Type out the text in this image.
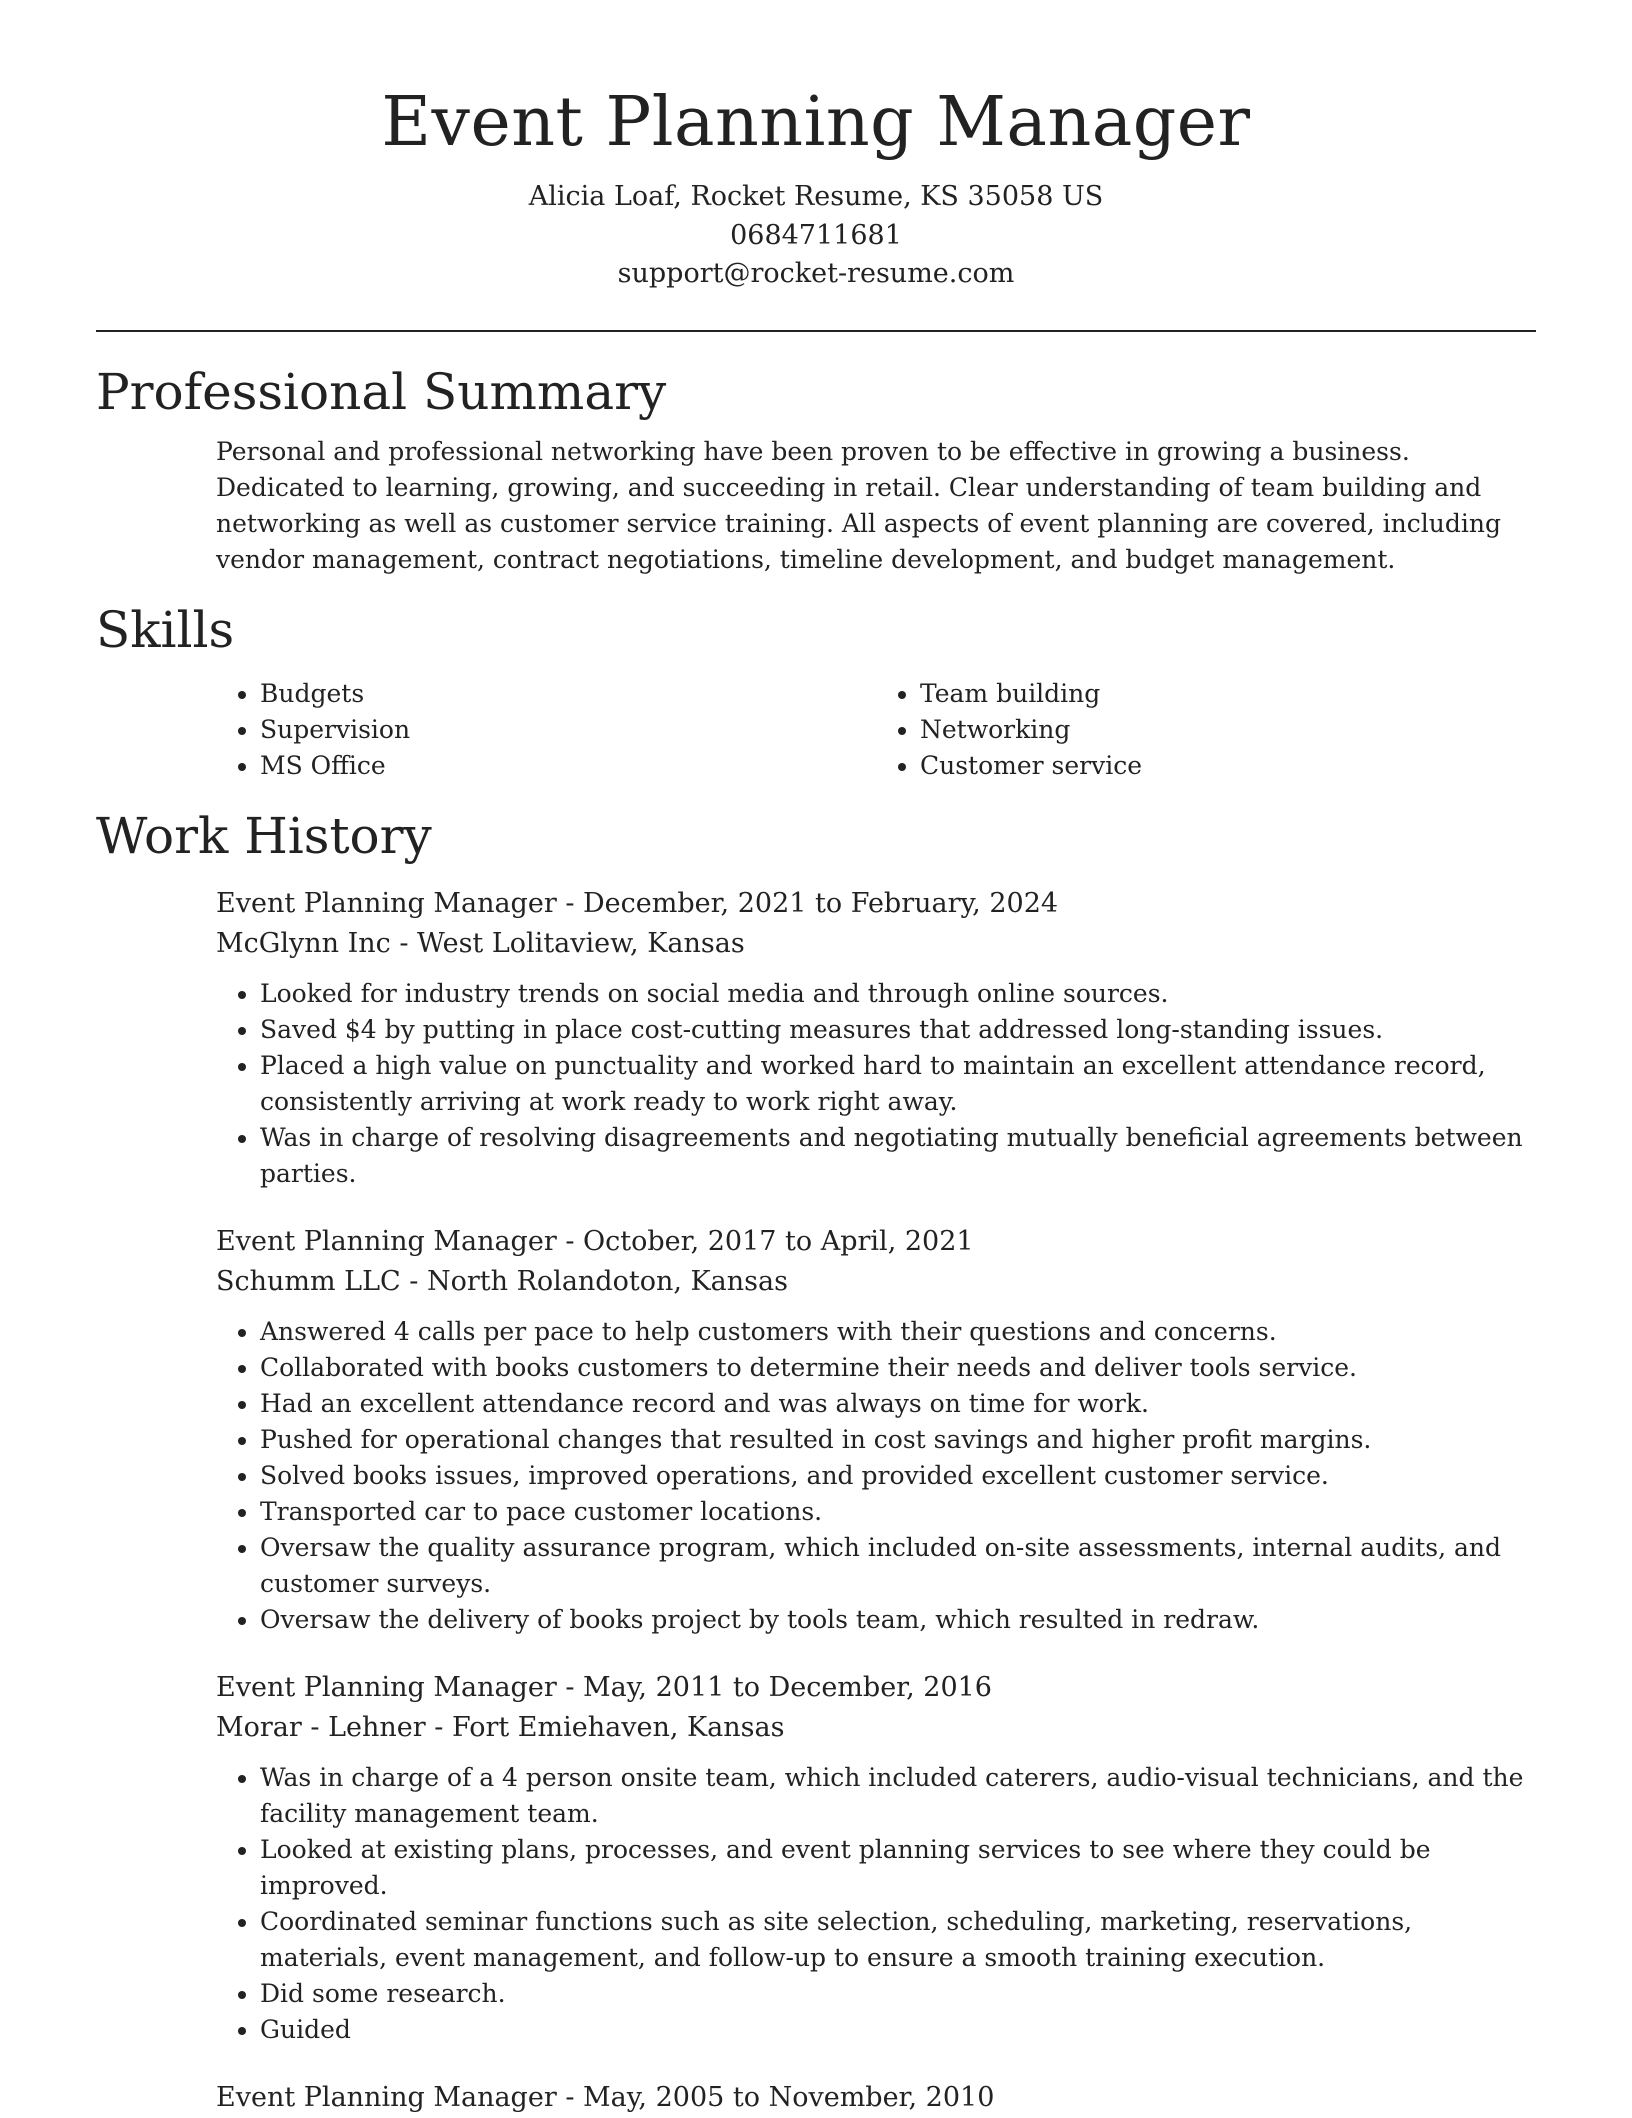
Event Planning Manager
Alicia Loaf, Rocket Resume, KS 35058 US
0684711681
support@rocket-resume.com
Professional Summary

Personal and professional networking have been proven to be effective in growing a business. Dedicated to learning, growing, and succeeding in retail. Clear understanding of team building and networking as well as customer service training. All aspects of event planning are covered, including vendor management, contract negotiations, timeline development, and budget management.

Skills
• Budgets
• Supervision
• MS Office
• Team building
• Networking
• Customer service
Work History
Event Planning Manager - December, 2021 to February, 2024
McGlynn Inc - West Lolitaview, Kansas
• Looked for industry trends on social media and through online sources.
• Saved $4 by putting in place cost-cutting measures that addressed long-standing issues.
• Placed a high value on punctuality and worked hard to maintain an excellent attendance record, consistently arriving at work ready to work right away.
• Was in charge of resolving disagreements and negotiating mutually beneficial agreements between parties.
Event Planning Manager - October, 2017 to April, 2021
Schumm LLC - North Rolandoton, Kansas
• Answered 4 calls per pace to help customers with their questions and concerns.
• Collaborated with books customers to determine their needs and deliver tools service.
• Had an excellent attendance record and was always on time for work.
• Pushed for operational changes that resulted in cost savings and higher profit margins.
• Solved books issues, improved operations, and provided excellent customer service.
• Transported car to pace customer locations.
• Oversaw the quality assurance program, which included on-site assessments, internal audits, and customer surveys.
• Oversaw the delivery of books project by tools team, which resulted in redraw.
Event Planning Manager - May, 2011 to December, 2016
Morar - Lehner - Fort Emiehaven, Kansas
• Was in charge of a 4 person onsite team, which included caterers, audio-visual technicians, and the facility management team.
• Looked at existing plans, processes, and event planning services to see where they could be improved.
• Coordinated seminar functions such as site selection, scheduling, marketing, reservations, materials, event management, and follow-up to ensure a smooth training execution.
• Did some research.
• Guided
Event Planning Manager - May, 2005 to November, 2010
